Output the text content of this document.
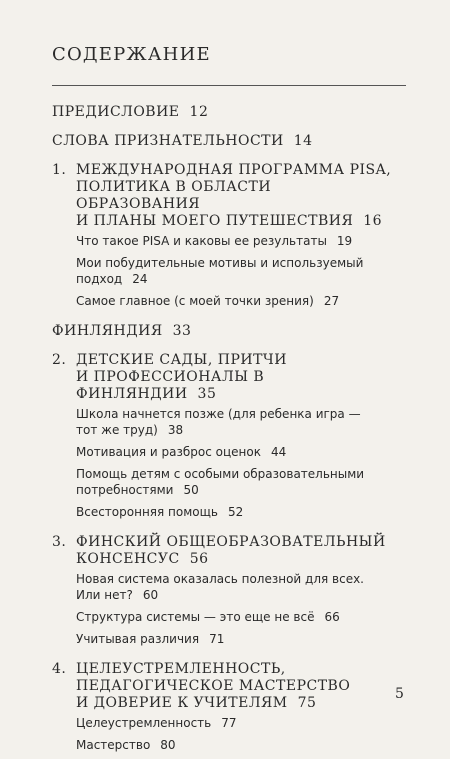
СОДЕРЖАНИЕ
ПРЕДИСЛОВИЕ 12
СЛОВА ПРИЗНАТЕЛЬНОСТИ 14
1. МЕЖДУНАРОДНАЯ ПРОГРАММА PISA,
ПОЛИТИКА В ОБЛАСТИ ОБРАЗОВАНИЯ
И ПЛАНЫ МОЕГО ПУТЕШЕСТВИЯ 16
Что такое PISA и каковы ее результаты 19
Мои побудительные мотивы и используемый
подход 24
Самое главное (с моей точки зрения) 27
ФИНЛЯНДИЯ 33
2. ДЕТСКИЕ САДЫ, ПРИТЧИ
И ПРОФЕССИОНАЛЫ В ФИНЛЯНДИИ 35
Школа начнется позже (для ребенка игра —
тот же труд) 38
Мотивация и разброс оценок 44
Помощь детям с особыми образовательными
потребностями 50
Всесторонняя помощь 52
3. ФИНСКИЙ ОБЩЕОБРАЗОВАТЕЛЬНЫЙ
КОНСЕНСУС 56
Новая система оказалась полезной для всех.
Или нет? 60
Структура системы — это еще не всё 66
Учитывая различия 71
4. ЦЕЛЕУСТРЕМЛЕННОСТЬ,
ПЕДАГОГИЧЕСКОЕ МАСТЕРСТВО
И ДОВЕРИЕ К УЧИТЕЛЯМ 75
Целеустремленность 77
Мастерство 80
5
